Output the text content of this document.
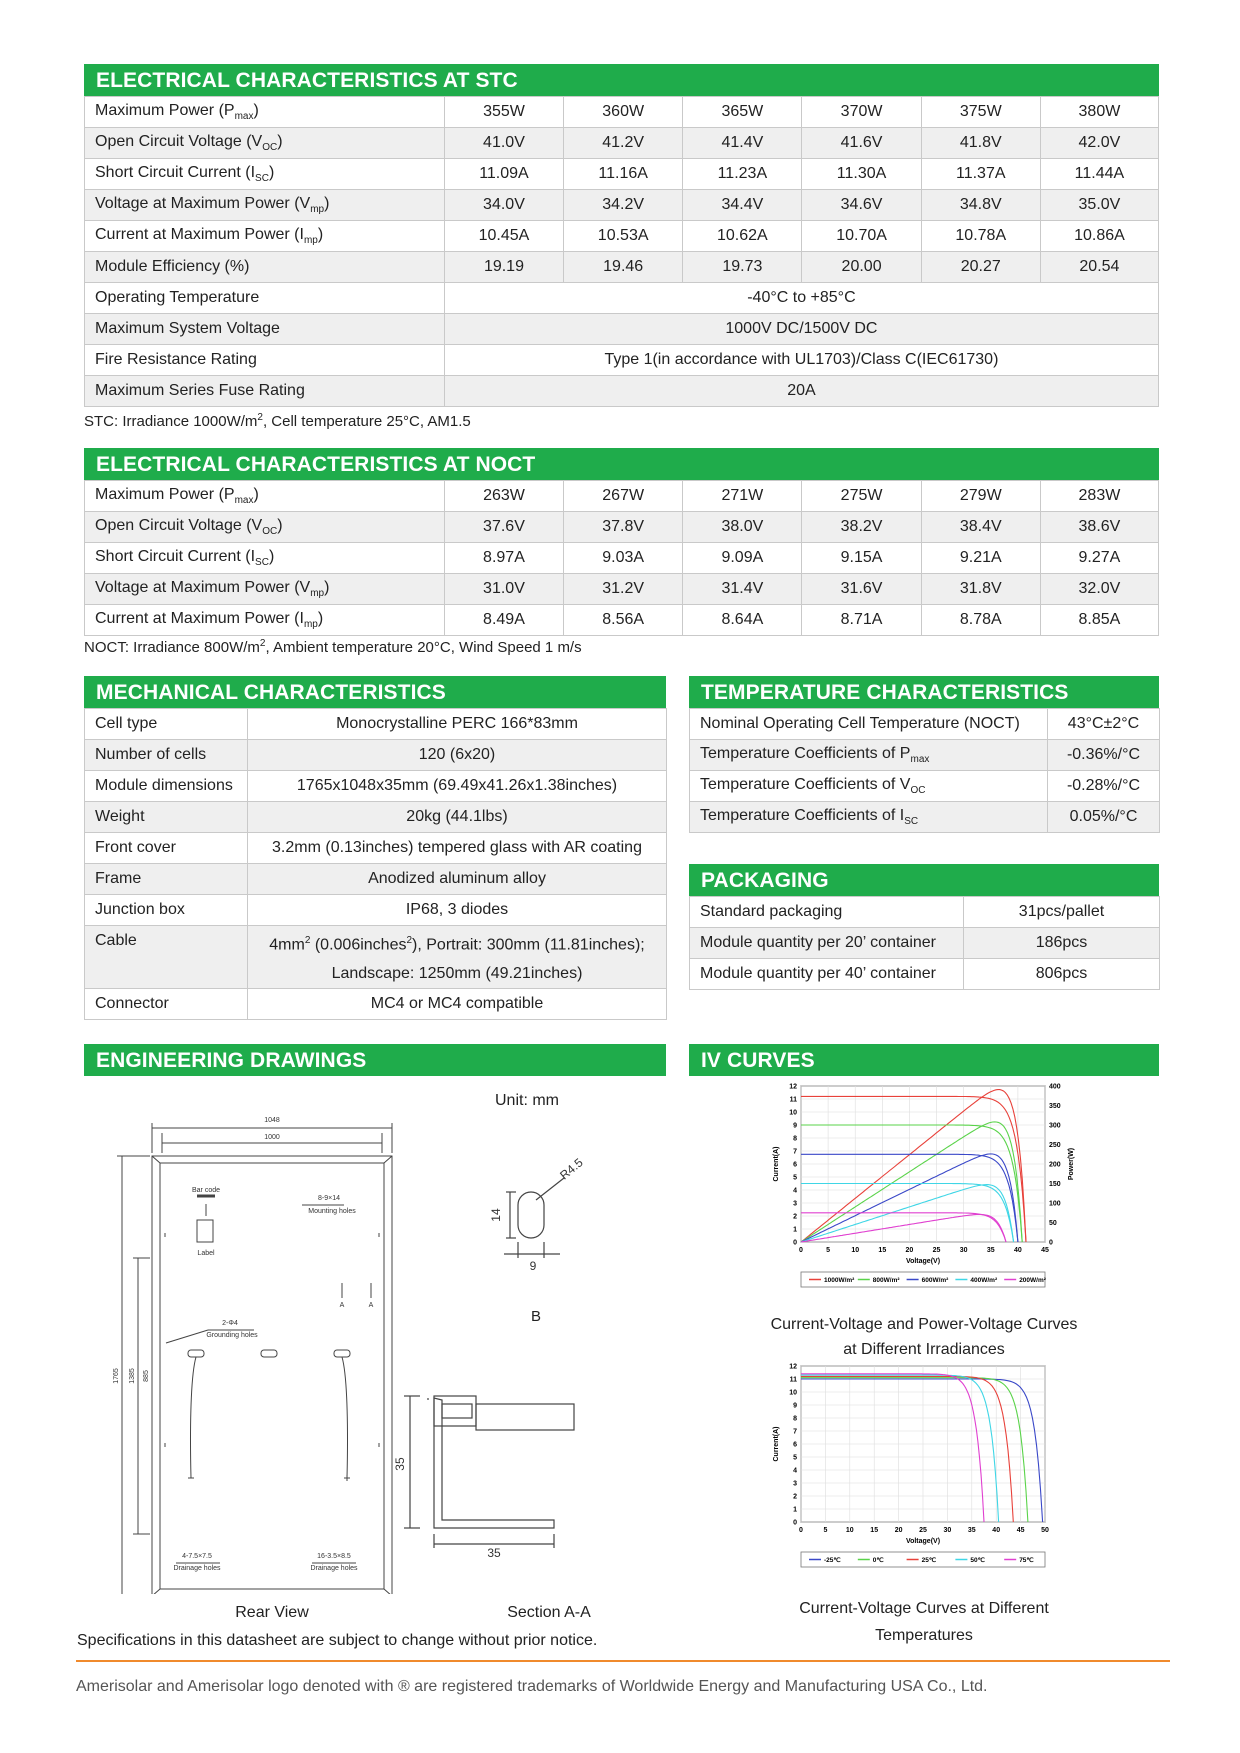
ELECTRICAL CHARACTERISTICS AT STC
Maximum Power $(P_{max})$	355W	360W	365W	370W	375W	380W
Open Circuit Voltage $(V_{OC})$	41.0V	41.2V	41.4V	41.6V	41.8V	42.0V
Short Circuit Current $(I_{SC})$	11.09A	11.16A	11.23A	11.30A	11.37A	11.44A
Voltage at Maximum Power $(V_{mp})$	34.0V	34.2V	34.4V	34.6V	34.8V	35.0V
Current at Maximum Power $(I_{mp})$	10.45A	10.53A	10.62A	10.70A	10.78A	10.86A
Module Efficiency (%)	19.19	19.46	19.73	20.00	20.27	20.54
Operating Temperature	-40°C to +85°C					
Maximum System Voltage	1000V DC/1500V DC					
Fire Resistance Rating	Type 1(in accordance with UL1703)/Class C(IEC61730)					
Maximum Series Fuse Rating	20A					
STC: Irradiance $1000W/m^2$, Cell temperature 25°C, AM1.5
ELECTRICAL CHARACTERISTICS AT NOCT
Maximum Power $(P_{max})$	263W	267W	271W	275W	279W	283W
Open Circuit Voltage $(V_{OC})$	37.6V	37.8V	38.0V	38.2V	38.4V	38.6V
Short Circuit Current $(I_{SC})$	8.97A	9.03A	9.09A	9.15A	9.21A	9.27A
Voltage at Maximum Power $(V_{mp})$	31.0V	31.2V	31.4V	31.6V	31.8V	32.0V
Current at Maximum Power $(I_{mp})$	8.49A	8.56A	8.64A	8.71A	8.78A	8.85A
NOCT: Irradiance $800W/m^2$, Ambient temperature 20°C, Wind Speed 1 m/s
MECHANICAL CHARACTERISTICS
Cell type	Monocrystalline PERC 166*83mm
Number of cells	120 (6x20)
Module dimensions	1765x1048x35mm (69.49x41.26x1.38inches)
Weight	20kg (44.1lbs)
Front cover	3.2mm (0.13inches) tempered glass with AR coating
Frame	Anodized aluminum alloy
Junction box	IP68, 3 diodes
Cable	$4mm^2$ (0.006inches$^2$), Portrait: 300mm (11.81inches);
Landscape: 1250mm (49.21inches)
Connector	MC4 or MC4 compatible
TEMPERATURE CHARACTERISTICS
Nominal Operating Cell Temperature (NOCT)	43°C±2°C
Temperature Coefficients of $P_{max}$	-0.36%/°C
Temperature Coefficients of $V_{OC}$	-0.28%/°C
Temperature Coefficients of $I_{SC}$	0.05%/°C
PACKAGING
Standard packaging	31pcs/pallet
Module quantity per 20’ container	186pcs
Module quantity per 40’ container	806pcs
ENGINEERING DRAWINGS
Unit: mm
1048
1000
Bar code
Label
8-9×14
Mounting holes
A	A
2-Φ4
Grounding holes
4-7.5×7.5
Drainage holes
16-3.5×8.5
Drainage holes
1765 1385 885
R4.5
14
9
B
35
35
Rear View	Section A-A
Specifications in this datasheet are subject to change without prior notice.
IV CURVES
0	5	10	15	20	25	30	35	40	45
0
1
2
3
4
5
6
7
8
9
10
11
12
0
50
100
150
200
250
300
350
400
Power(W)
Voltage(V)
Current(A)
1000W/m²	800W/m²	600W/m²	400W/m²	200W/m²
Current-Voltage and Power-Voltage Curves
at Different Irradiances
0	5	10 15 20 25 30 35 40 45 50
0
1
2
3
4
5
6
7
8
9
10
11
12
Voltage(V)
Current(A)
-25℃	0℃	25℃	50℃	75℃
Current-Voltage Curves at Different
Temperatures
Amerisolar and Amerisolar logo denoted with ® are registered trademarks of Worldwide Energy and Manufacturing USA Co., Ltd.
